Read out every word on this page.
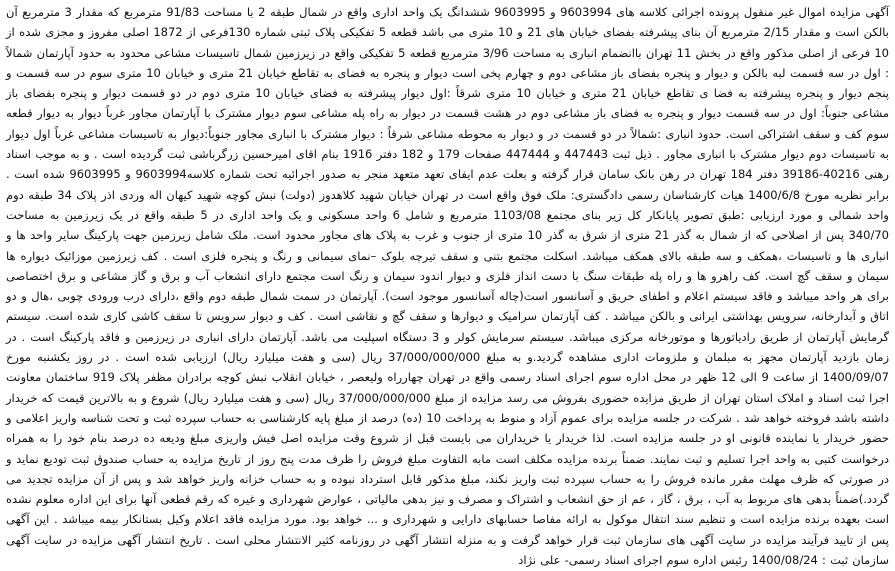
آگهی مزایده اموال غیر منقول پرونده اجرائی کلاسه های 9603994 و 9603995 ششدانگ یک واحد اداری واقع در شمال طبقه 2 با مساحت 91/83 مترمربع که مقدار 3 مترمربع آن بالکن است و مقدار 2/15 مترمربع آن بنای پیشرفته بفضای خیابان های 21 و 10 متری می باشد قطعه 5 تفکیکی پلاک ثبتی شماره 130فرعی از 1872 اصلی مفروز و مجزی شده از 10 فرعی از اصلی مذکور واقع در بخش 11 تهران باانضمام انباری به مساحت 3/96 مترمربع قطعه 5 تفکیکی واقع در زیرزمین شمال تاسیسات مشاعی محدود به حدود آپارتمان شمالاً : اول در سه قسمت لبه بالکن و دیوار و پنجره بفضای باز مشاعی دوم و چهارم پخی است دیوار و پنجره به فضای به تقاطع خیابان 21 متری و خیابان 10 متری سوم در سه قسمت و پنجم دیوار و پنجره پیشرفته به فضا ی تقاطع خیابان 21 متری و خیابان 10 متری شرقاً :اول دیوار پیشرفته به فضای خیابان 10 متری دوم در دو قسمت دیوار و پنجره بفضای باز مشاعی جنوباً: اول در سه قسمت دیوار و پنجره به فضای باز مشاعی دوم در هشت قسمت در دیوار به راه پله مشاعی سوم دیوار مشترک با آپارتمان مجاور غرباً دیوار به دیوار قطعه سوم کف و سقف اشتراکی است. حدود انباری :شمالاً در دو قسمت در و دیوار به محوطه مشاعی شرقاً : دیوار مشترک با انباری مجاور جنوباً:دیوار به تاسیسات مشاعی غرباً اول دیوار به تاسیسات دوم دیوار مشترک با انباری مجاور . ذیل ثبت 447443 و 447444 صفحات 179 و 182 دفتر 1916 بنام اقای امیرحسین زرگرباشی ثبت گردیده است . و به موجب اسناد رهنی 40216-39186 دفتر 184 تهران در رهن بانک سامان قرار گرفته و بعلت عدم ایفای تعهد متعهد منجر به صدور اجرائیه تحت شماره کلاسه9603994 و 9603995 شده است . برابر نظریه مورخ 1400/6/8 هیات کارشناسان رسمی دادگستری: ملک فوق واقع است در تهران خیابان شهید کلاهدوز (دولت) نبش کوچه شهید کیهان اله وردی اذر پلاک 34 طبقه دوم واحد شمالی و مورد ارزیابی :طبق تصویر پایانکار کل زیر بنای مجتمع 1103/08 مترمربع و شامل 6 واحد مسکونی و یک واحد اداری در 5 طبقه واقع در یک زیرزمین به مساحت 340/70 پس از اصلاحی که از شمال به گذر 21 متری از شرق به گذر 10 متری از جنوب و غرب به پلاک های مجاور محدود است. ملک شامل زیرزمین جهت پارکینگ سایر واحد ها و انباری ها و تاسیسات ،همکف و سه طبقه بالای همکف میباشد. اسکلت مجتمع بتنی و سقف تیرچه بلوک –نمای سیمانی و رنگ و پنجره فلزی است . کف زیرزمین موزائیک دیواره ها سیمان و سقف گچ است. کف راهرو ها و راه پله طبقات سنگ با دست انداز فلزی و دیوار اندود سیمان و رنگ است مجتمع دارای انشعاب آب و برق و گاز مشاعی و برق اختصاصی برای هر واحد میباشد و فاقد سیستم اعلام و اطفای حریق و آسانسور است(چاله آسانسور موجود است). آپارتمان در سمت شمال طبقه دوم واقع ،دارای درب ورودی چوبی ،هال و دو اتاق و آبدارخانه، سرویس بهداشتی ایرانی و بالکن میباشد . کف آپارتمان سرامیک و دیوارها و سقف گچ و نقاشی است . کف و دیوار سرویس تا سقف کاشی کاری شده است. سیستم گرمایش آپارتمان از طریق رادیاتورها و موتورخانه مرکزی میباشد. سیستم سرمایش کولر و 3 دستگاه اسپلیت می باشد. آپارتمان دارای انباری در زیرزمین و فاقد پارکینگ است . در زمان بازدید آپارتمان مجهز به مبلمان و ملزومات اداری مشاهده گردید.و به مبلغ 37/000/000/000 ریال (سی و هفت میلیارد ریال) ارزیابی شده است . در روز یکشنبه مورخ 1400/09/07 از ساعت 9 الی 12 ظهر در محل اداره سوم اجرای اسناد رسمی واقع در تهران چهارراه ولیعصر ، خیابان انقلاب نبش کوچه برادران مظفر پلاک 919 ساختمان معاونت اجرا ثبت اسناد و املاک استان تهران از طریق مزایده حضوری بفروش می رسد مزایده از مبلغ 37/000/000/000 ریال (سی و هفت میلیارد ریال) شروع و به بالاترین قیمت که خریدار داشته باشد فروخته خواهد شد . شرکت در جلسه مزایده برای عموم آزاد و منوط به پرداخت 10 (ده) درصد از مبلغ پایه کارشناسی به حساب سپرده ثبت و تحت شناسه واریز اعلامی و حضور خریدار یا نماینده قانونی او در جلسه مزایده است. لذا خریدار یا خریداران می بایست قبل از شروع وقت مزایده اصل فیش واریزی مبلغ ودیعه ده درصد بنام خود را به همراه درخواست کتبی به واحد اجرا تسلیم و ثبت نمایند. ضمناً برنده مزایده مکلف است مابه التفاوت مبلغ فروش را ظرف مدت پنج روز از تاریخ مزایده به حساب صندوق ثبت تودیع نماید و در صورتی که ظرف مهلت مقرر مانده فروش را به حساب سپرده ثبت واریز نکند، مبلغ مذکور قابل استرداد نبوده و به حساب خزانه واریز خواهد شد و پس از آن مزایده تجدید می گردد.)ضمناً بدهی های مربوط به آب ، برق ، گاز ، عم از حق انشعاب و اشتراک و مصرف و نیز بدهی مالیاتی ، عوارض شهرداری و غیره که رقم قطعی آنها برای این اداره معلوم نشده است بعهده برنده مزایده است و تنظیم سند انتقال موکول به ارائه مفاصا حسابهای دارایی و شهرداری و ... خواهد بود. مورد مزایده فاقد اعلام وکیل بستانکار بیمه میباشد . این آگهی پس از تایید فرآیند مزایده در سایت آگهی های سازمان ثبت قرار خواهد گرفت و به منزله انتشار آگهی در روزنامه کثیر الانتشار محلی است . تاریخ انتشار آگهی مزایده در سایت آگهی سازمان ثبت : 1400/08/24 رئیس اداره سوم اجرای اسناد رسمی- علی نژاد
